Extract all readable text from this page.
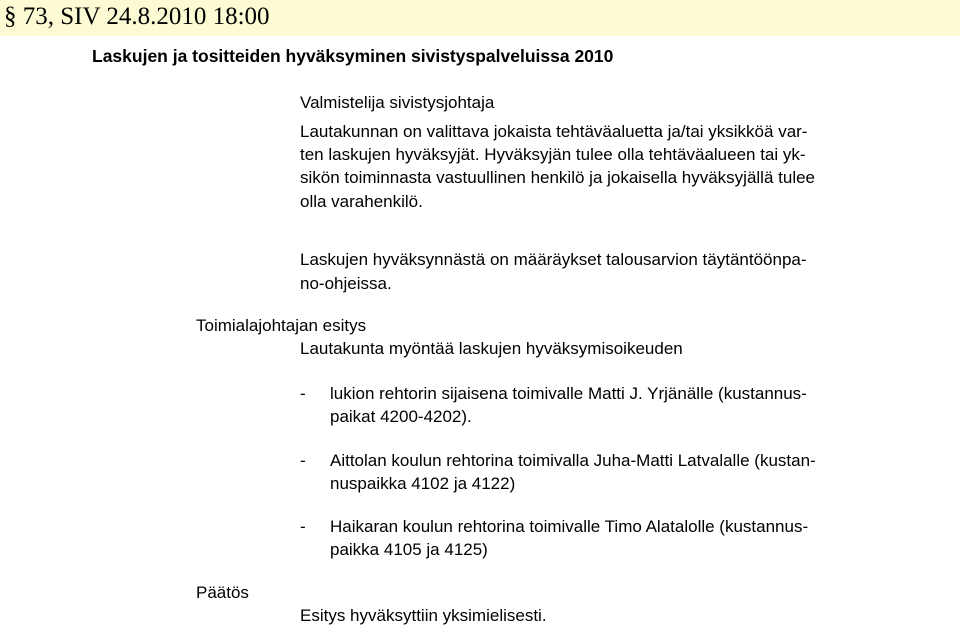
§ 73, SIV 24.8.2010 18:00
Laskujen ja tositteiden hyväksyminen sivistyspalveluissa 2010
Valmistelija sivistysjohtaja
Lautakunnan on valittava jokaista tehtäväaluetta ja/tai yksikköä var-
ten laskujen hyväksyjät. Hyväksyjän tulee olla tehtäväalueen tai yk-
sikön toiminnasta vastuullinen henkilö ja jokaisella hyväksyjällä tulee
olla varahenkilö.
Laskujen hyväksynnästä on määräykset talousarvion täytäntöönpa-
no-ohjeissa.
Toimialajohtajan esitys
Lautakunta myöntää laskujen hyväksymisoikeuden
- lukion rehtorin sijaisena toimivalle Matti J. Yrjänälle (kustannus-
paikat 4200-4202).
- Aittolan koulun rehtorina toimivalla Juha-Matti Latvalalle (kustan-
nuspaikka 4102 ja 4122)
- Haikaran koulun rehtorina toimivalle Timo Alatalolle (kustannus-
paikka 4105 ja 4125)
Päätös
Esitys hyväksyttiin yksimielisesti.
